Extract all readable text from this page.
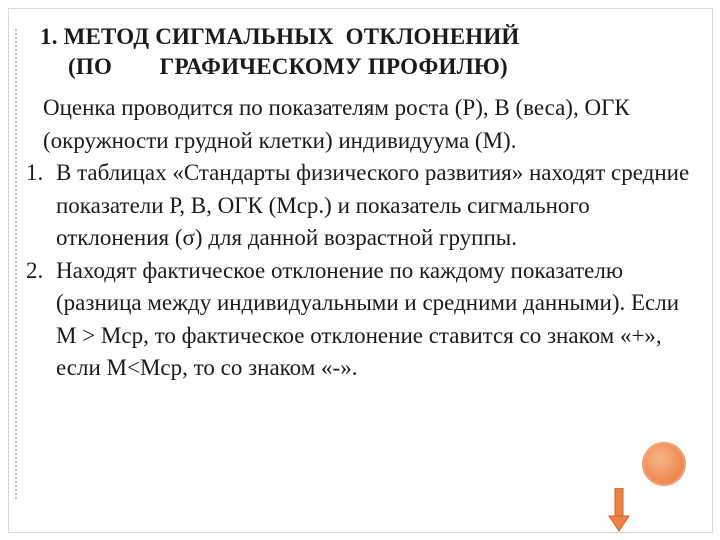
1. МЕТОД СИГМАЛЬНЫХ  ОТКЛОНЕНИЙ
(ПО        ГРАФИЧЕСКОМУ ПРОФИЛЮ)
Оценка проводится по показателям роста (Р), В (веса), ОГК (окружности грудной клетки) индивидуума (М).
1. В таблицах «Стандарты физического развития» находят средние показатели Р, В, ОГК (Мср.) и показатель сигмального отклонения (σ) для данной возрастной группы.
2. Находят фактическое отклонение по каждому показателю (разница между индивидуальными и средними данными). Если М > Мср, то фактическое отклонение ставится со знаком «+», если М<Мср, то со знаком «-».
